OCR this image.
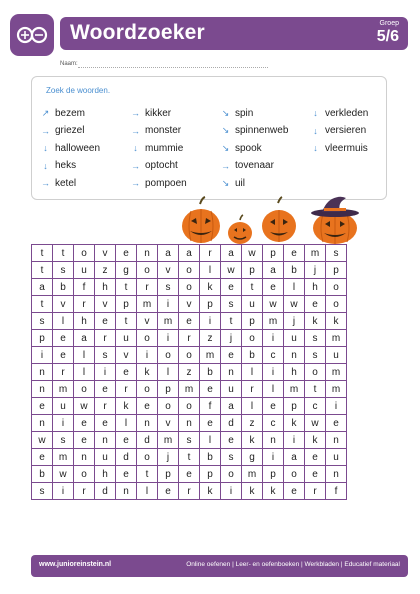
Woordzoeker	Groep
5/6
Naam:
Zoek de woorden.
↗ bezem
→ griezel
↓ halloween
↓ heks
→ ketel
→ kikker
→ monster
↓ mummie
→ optocht
→ pompoen
↘ spin
↘ spinnenweb
↘ spook
→ tovenaar
↘ uil
↓ verkleden
↓ versieren
↓ vleermuis
t	t	o	v	e	n	a	a	r	a	w	p	e	m	s
t	s	u	z	g	o	v	o	l	w	p	a	b	j	p
a	b	f	h	t	r	s	o	k	e	t	e	l	h	o
t	v	r	v	p	m	i	v	p	s	u	w	w	e	o
s	l	h	e	t	v	m	e	i	t	p	m	j	k	k
p	e	a	r	u	o	i	r	z	j	o	i	u	s	m
i	e	l	s	v	i	o	o	m	e	b	c	n	s	u
n	r	l	i	e	k	l	z	b	n	l	i	h	o	m
n	m	o	e	r	o	p	m	e	u	r	l	m	t	m
e	u	w	r	k	e	o	o	f	a	l	e	p	c	i
n	i	e	e	l	n	v	n	e	d	z	c	k	w	e
w	s	e	n	e	d	m	s	l	e	k	n	i	k	n
e	m	n	u	d	o	j	t	b	s	g	i	a	e	u
b	w	o	h	e	t	p	e	p	o	m	p	o	e	n
s	i	r	d	n	l	e	r	k	i	k	k	e	r	f
www.junioreinstein.nl	Online oefenen | Leer- en oefenboeken | Werkbladen | Educatief materiaal
